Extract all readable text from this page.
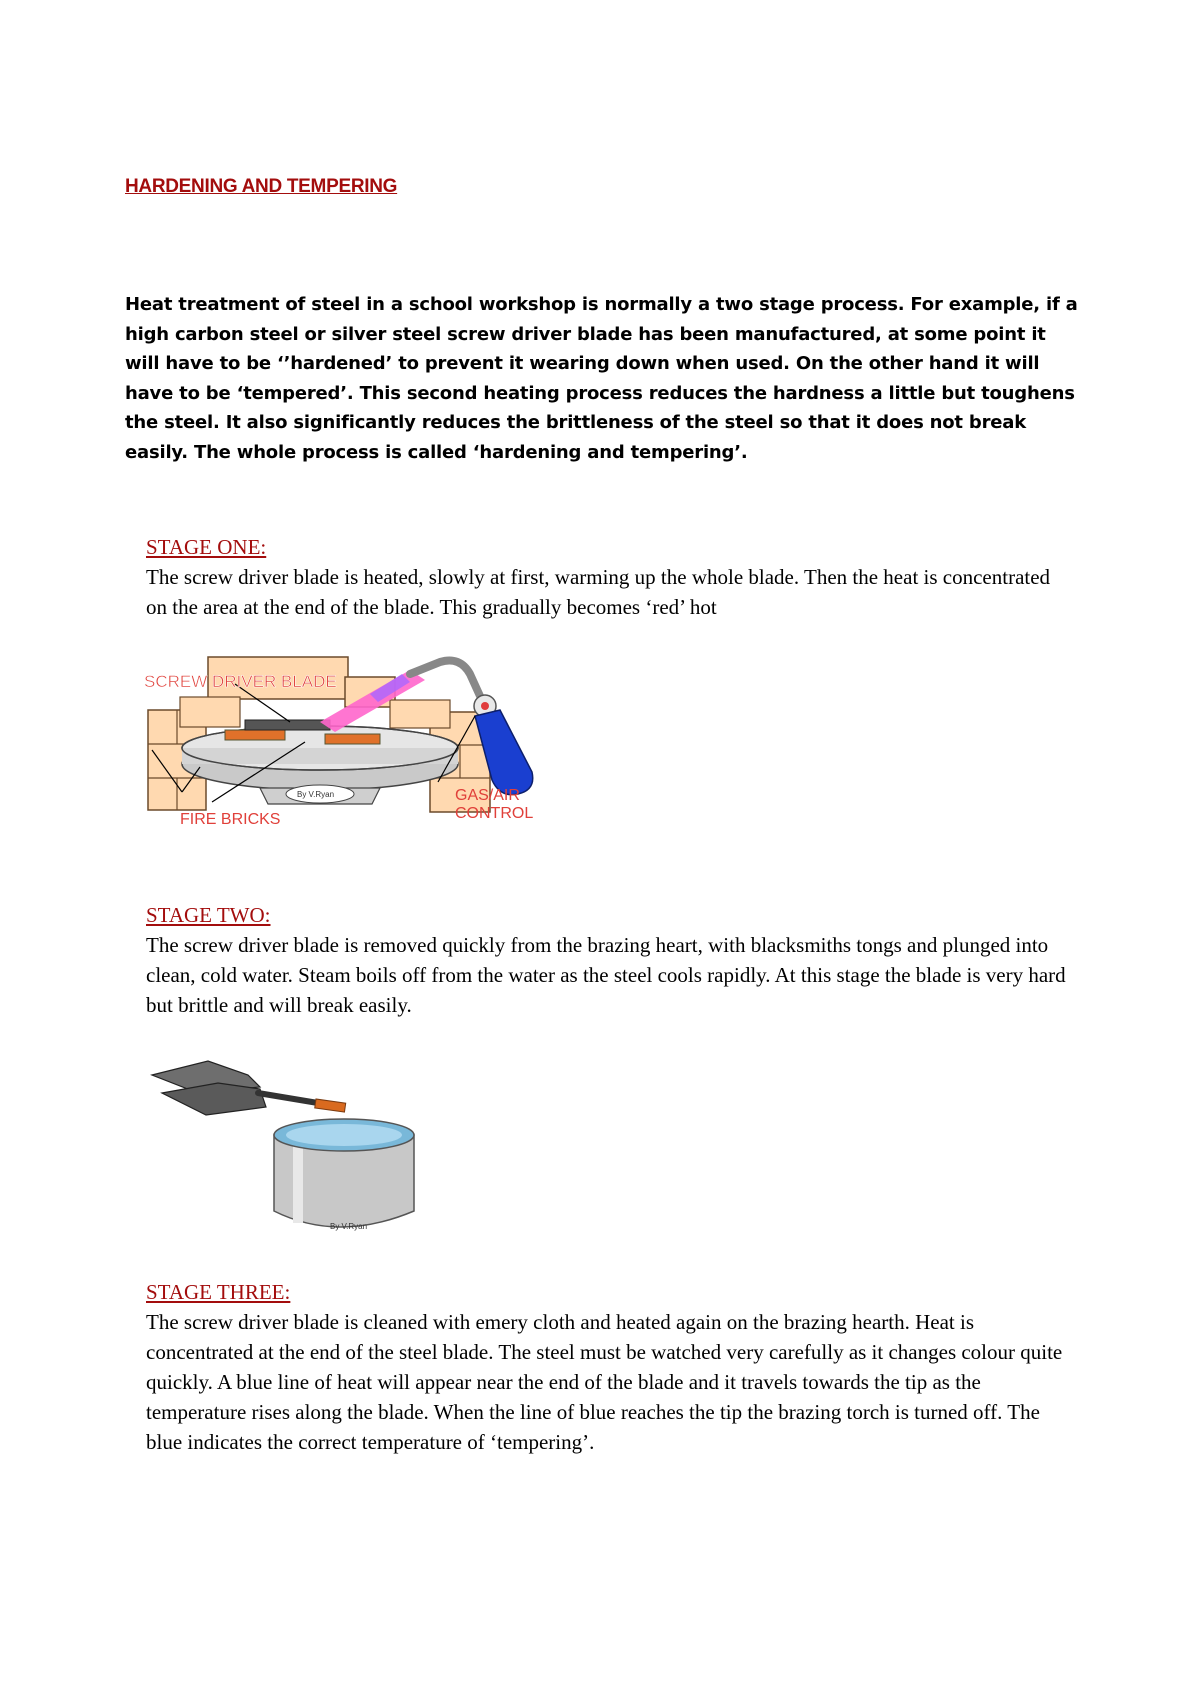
HARDENING AND TEMPERING

Heat treatment of steel in a school workshop is normally a two stage process. For example, if a high carbon steel or silver steel screw driver blade has been manufactured, at some point it will have to be ‘’hardened’ to prevent it wearing down when used. On the other hand it will have to be ‘tempered’. This second heating process reduces the hardness a little but toughens the steel. It also significantly reduces the brittleness of the steel so that it does not break easily. The whole process is called ‘hardening and tempering’.

STAGE ONE:

The screw driver blade is heated, slowly at first, warming up the whole blade. Then the heat is concentrated on the area at the end of the blade. This gradually becomes ‘red’ hot

SCREW DRIVER BLADE
FIRE BRICKS
GAS/AIR
CONTROL
By V.Ryan

STAGE TWO:

The screw driver blade is removed quickly from the brazing heart, with blacksmiths tongs and plunged into clean, cold water. Steam boils off from the water as the steel cools rapidly. At this stage the blade is very hard but brittle and will break easily.

By V.Ryan

STAGE THREE:

The screw driver blade is cleaned with emery cloth and heated again on the brazing hearth. Heat is concentrated at the end of the steel blade. The steel must be watched very carefully as it changes colour quite quickly. A blue line of heat will appear near the end of the blade and it travels towards the tip as the temperature rises along the blade. When the line of blue reaches the tip the brazing torch is turned off. The blue indicates the correct temperature of ‘tempering’.
